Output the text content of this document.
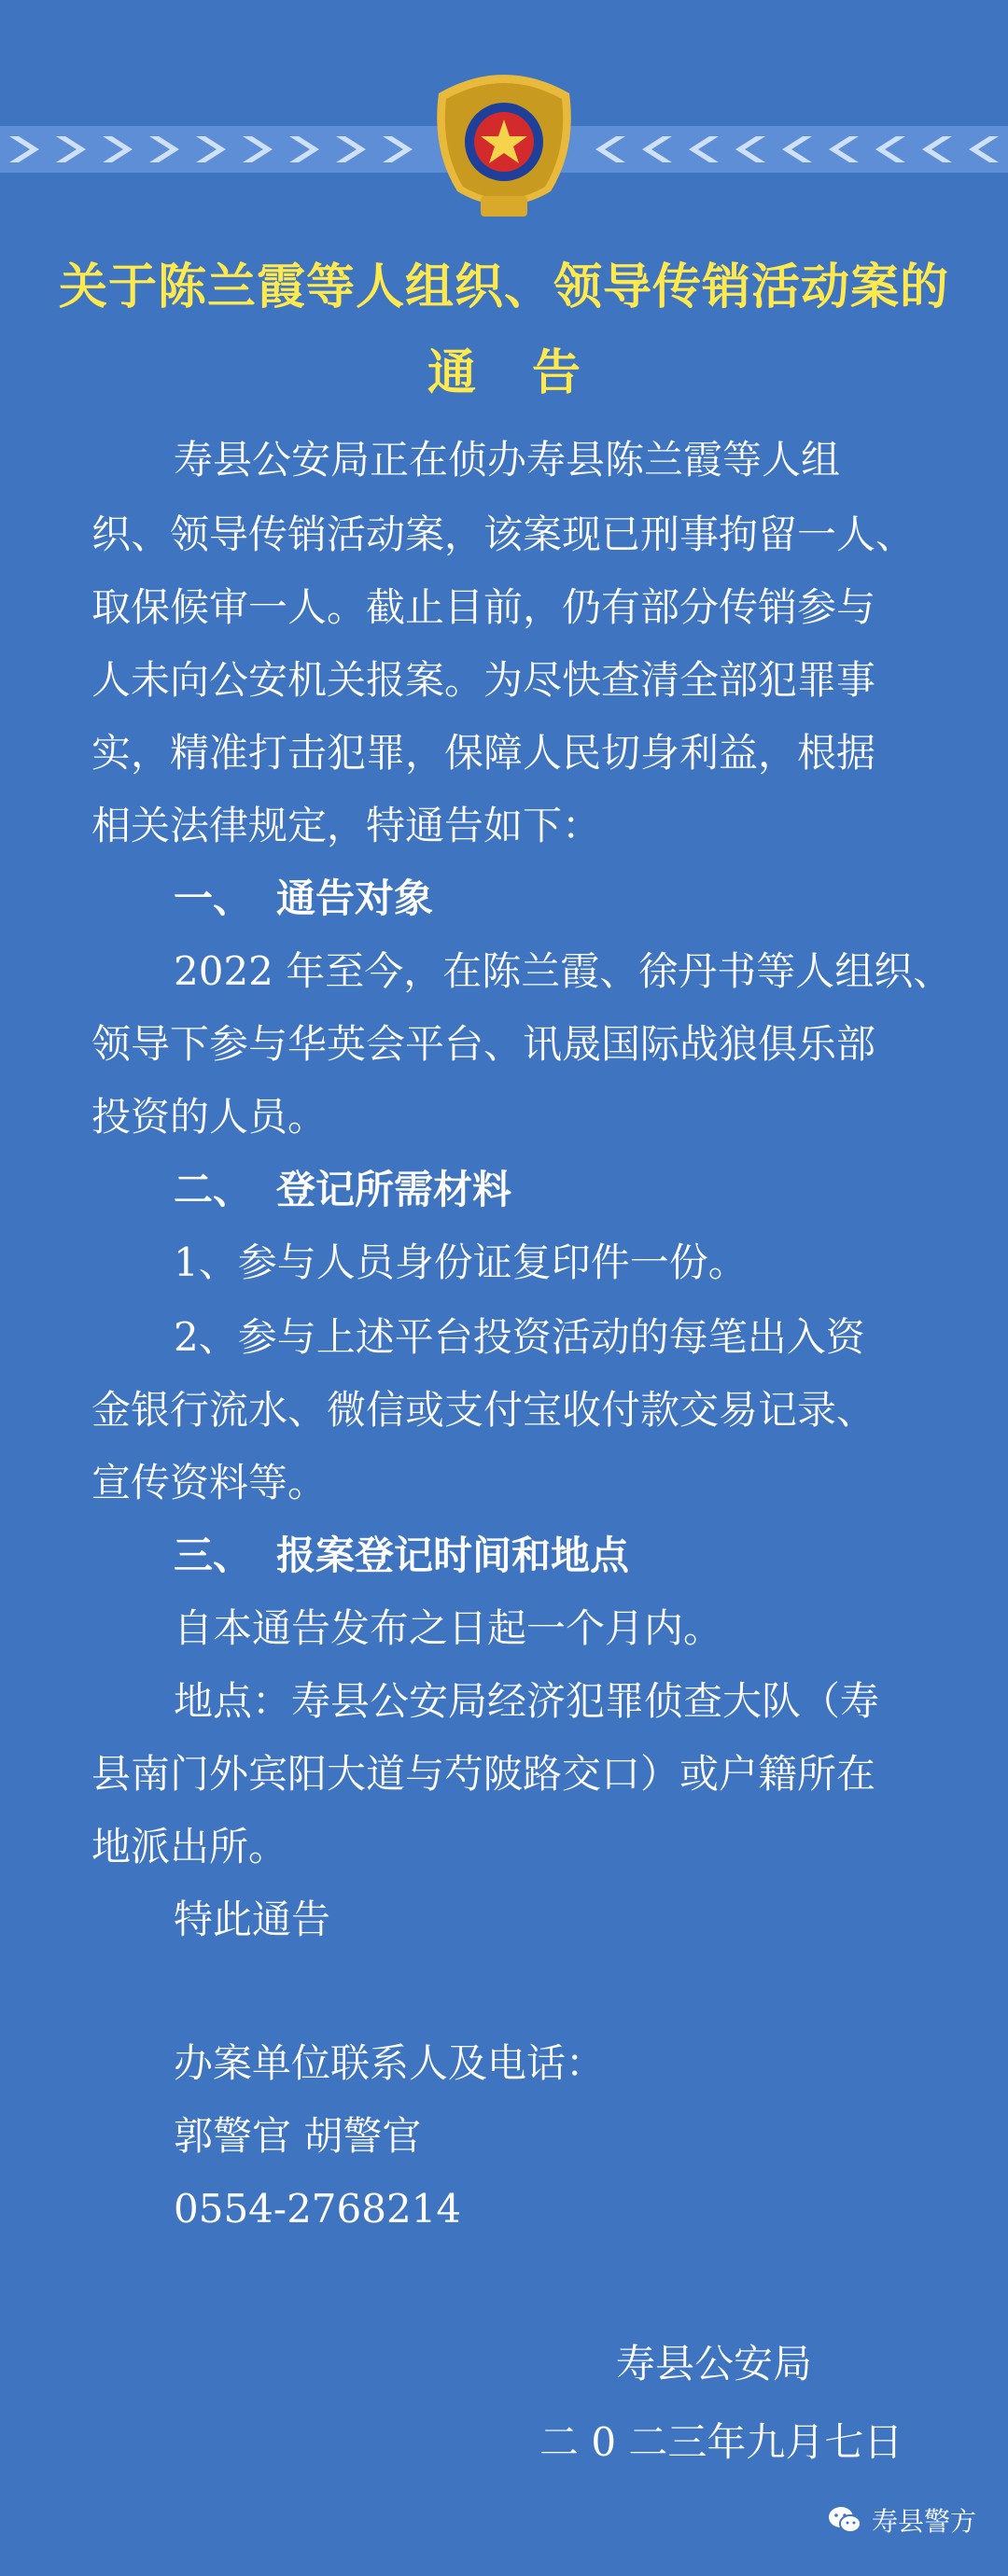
关于陈兰霞等人组织、领导传销活动案的
通告
寿县公安局正在侦办寿县陈兰霞等人组
织、领导传销活动案，该案现已刑事拘留一人、
取保候审一人。截止目前，仍有部分传销参与
人未向公安机关报案。为尽快查清全部犯罪事
实，精准打击犯罪，保障人民切身利益，根据
相关法律规定，特通告如下：
一、 通告对象
2022 年至今，在陈兰霞、徐丹书等人组织、
领导下参与华英会平台、讯晟国际战狼俱乐部
投资的人员。
二、 登记所需材料
1、参与人员身份证复印件一份。
2、参与上述平台投资活动的每笔出入资
金银行流水、微信或支付宝收付款交易记录、
宣传资料等。
三、 报案登记时间和地点
自本通告发布之日起一个月内。
地点：寿县公安局经济犯罪侦查大队（寿
县南门外宾阳大道与芍陂路交口）或户籍所在
地派出所。
特此通告
办案单位联系人及电话：
郭警官 胡警官
0554-2768214
寿县公安局
二 0 二三年九月七日
寿县警方
